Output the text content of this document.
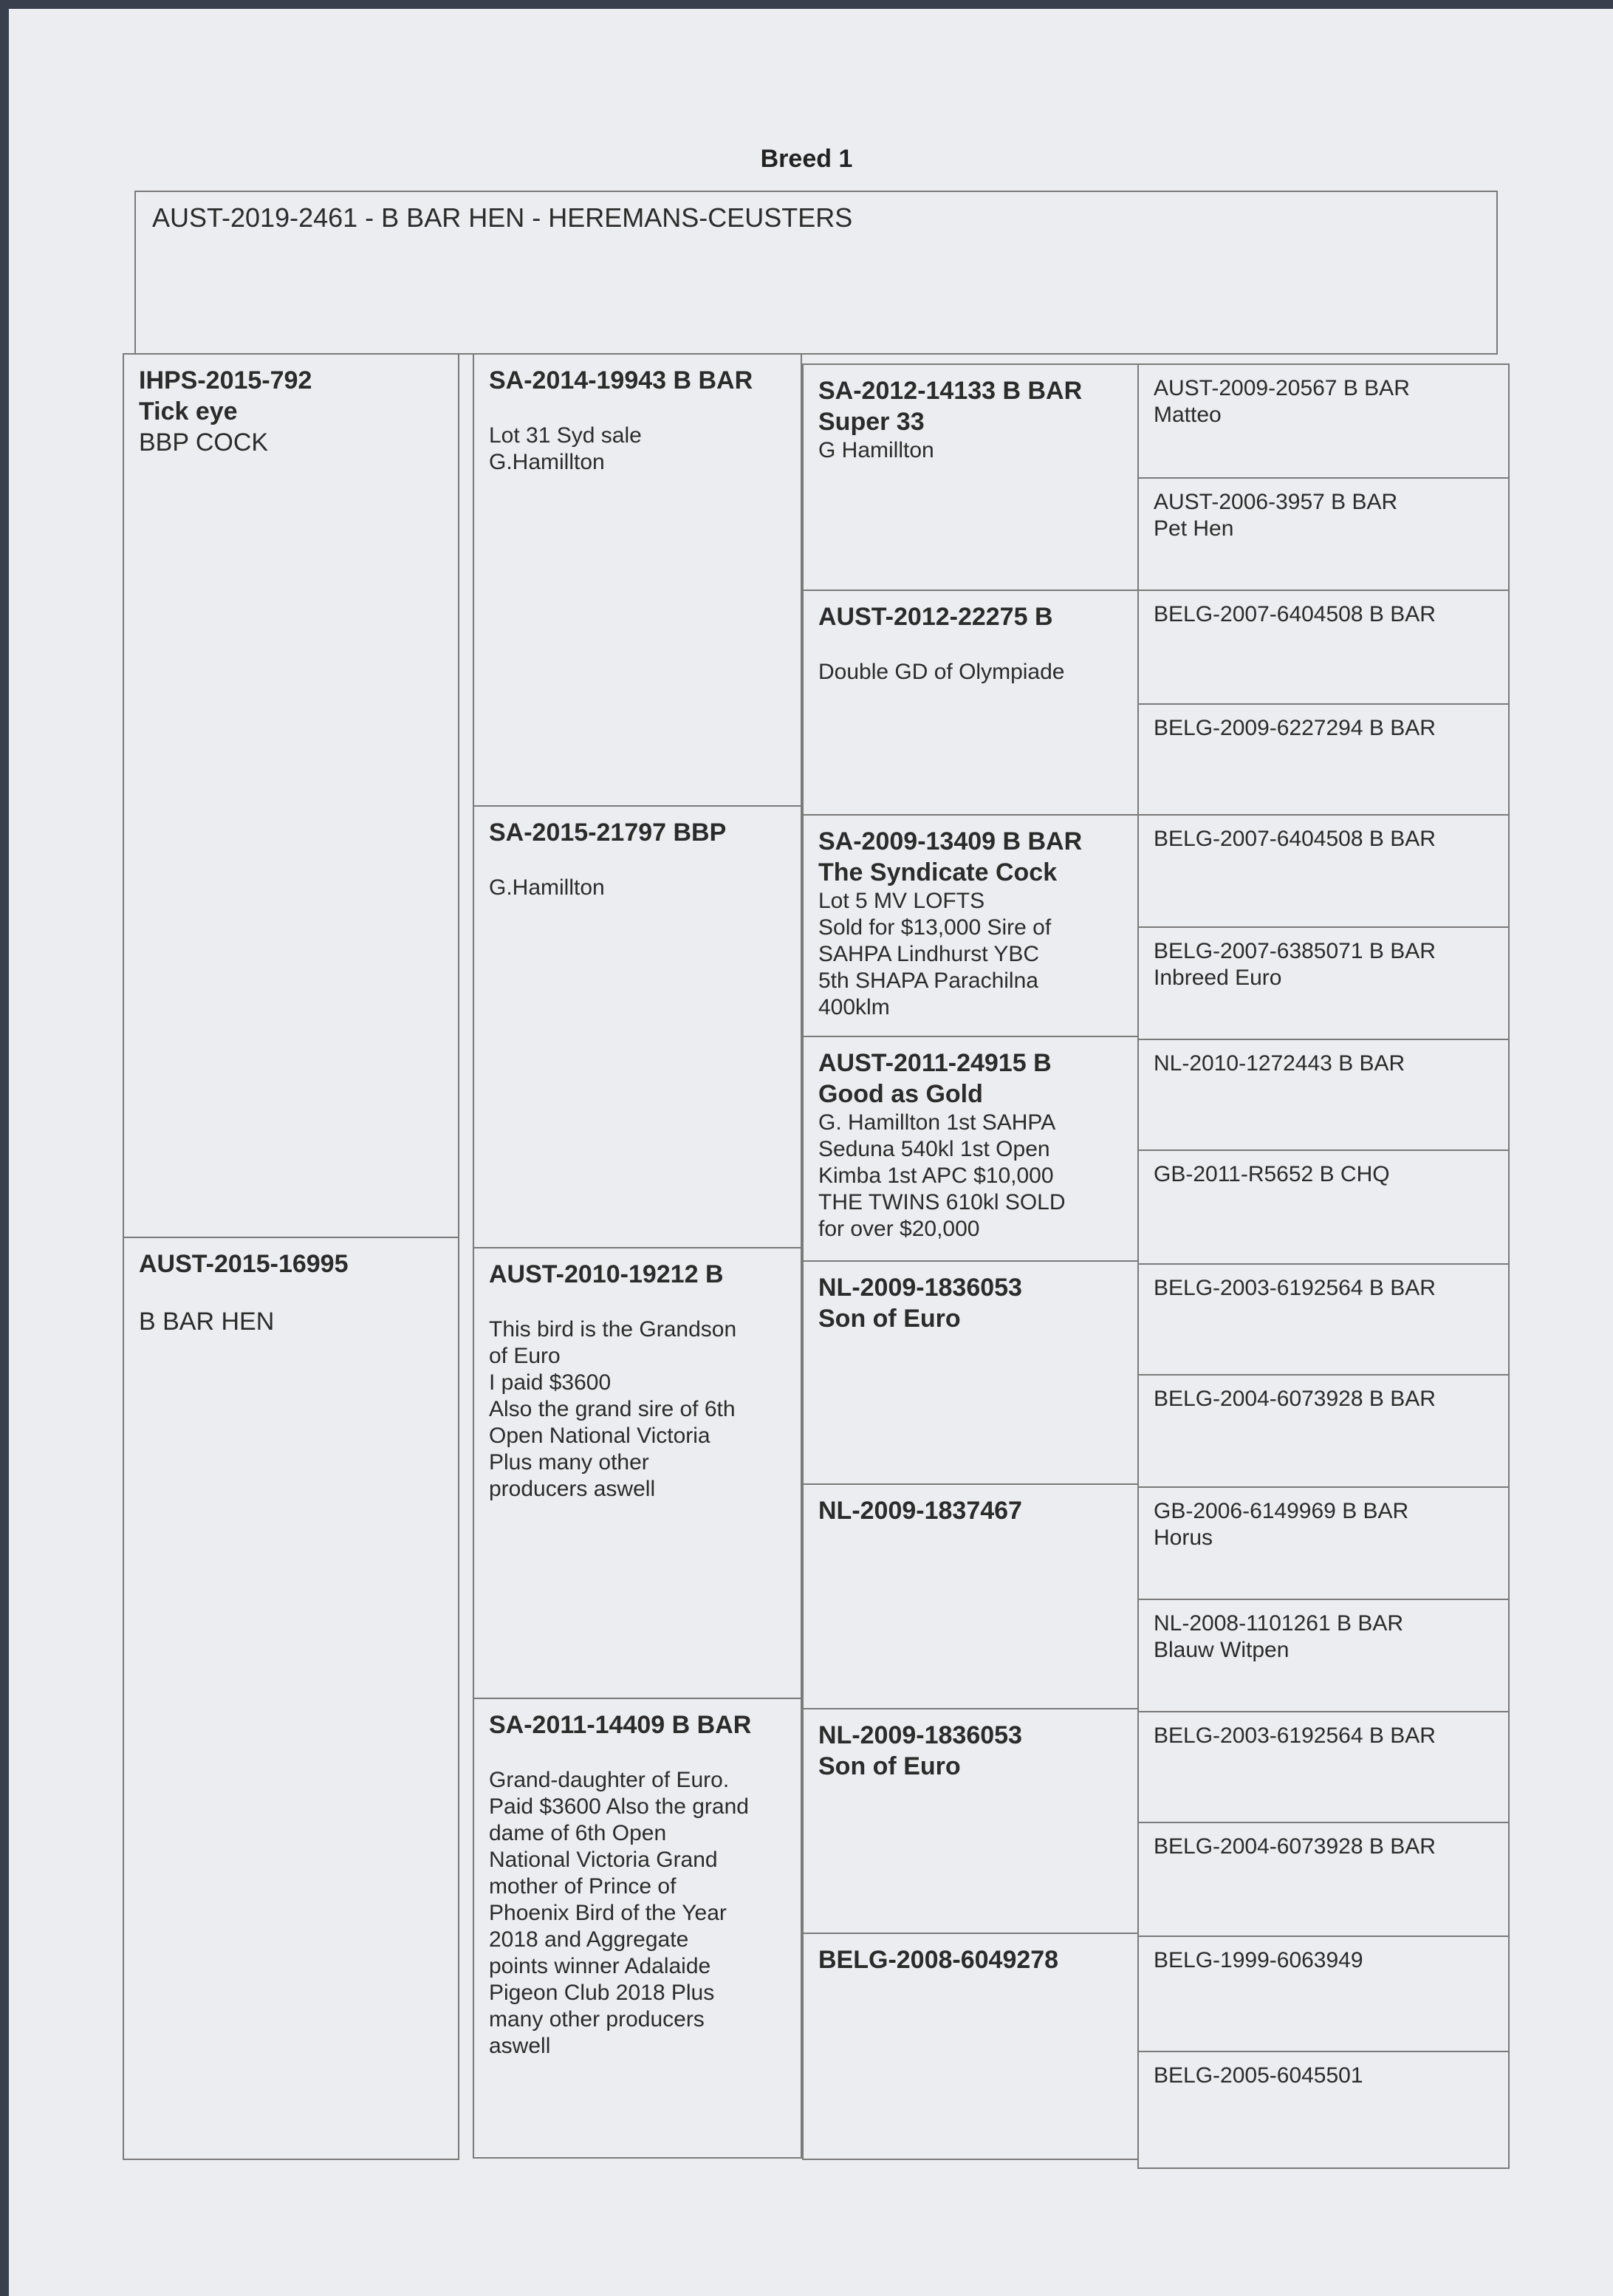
Breed 1
AUST-2019-2461 - B BAR HEN - HEREMANS-CEUSTERS
IHPS-2015-792
Tick eye
BBP COCK
AUST-2015-16995
B BAR HEN
SA-2014-19943 B BAR
Lot 31 Syd sale
G.Hamillton
SA-2015-21797 BBP
G.Hamillton
AUST-2010-19212 B
This bird is the Grandson
of Euro
I paid $3600
Also the grand sire of 6th
Open National Victoria
Plus many other
producers aswell
SA-2011-14409 B BAR
Grand-daughter of Euro.
Paid $3600 Also the grand
dame of 6th Open
National Victoria Grand
mother of Prince of
Phoenix Bird of the Year
2018 and Aggregate
points winner Adalaide
Pigeon Club 2018 Plus
many other producers
aswell
SA-2012-14133 B BAR
Super 33
G Hamillton
AUST-2012-22275 B
Double GD of Olympiade
SA-2009-13409 B BAR
The Syndicate Cock
Lot 5 MV LOFTS
Sold for $13,000 Sire of
SAHPA Lindhurst YBC
5th SHAPA Parachilna
400klm
AUST-2011-24915 B
Good as Gold
G. Hamillton 1st SAHPA
Seduna 540kl 1st Open
Kimba 1st APC $10,000
THE TWINS 610kl SOLD
for over $20,000
NL-2009-1836053
Son of Euro
NL-2009-1837467
NL-2009-1836053
Son of Euro
BELG-2008-6049278
AUST-2009-20567 B BAR
Matteo
AUST-2006-3957 B BAR
Pet Hen
BELG-2007-6404508 B BAR
BELG-2009-6227294 B BAR
BELG-2007-6404508 B BAR
BELG-2007-6385071 B BAR
Inbreed Euro
NL-2010-1272443 B BAR
GB-2011-R5652 B CHQ
BELG-2003-6192564 B BAR
BELG-2004-6073928 B BAR
GB-2006-6149969 B BAR
Horus
NL-2008-1101261 B BAR
Blauw Witpen
BELG-2003-6192564 B BAR
BELG-2004-6073928 B BAR
BELG-1999-6063949
BELG-2005-6045501
